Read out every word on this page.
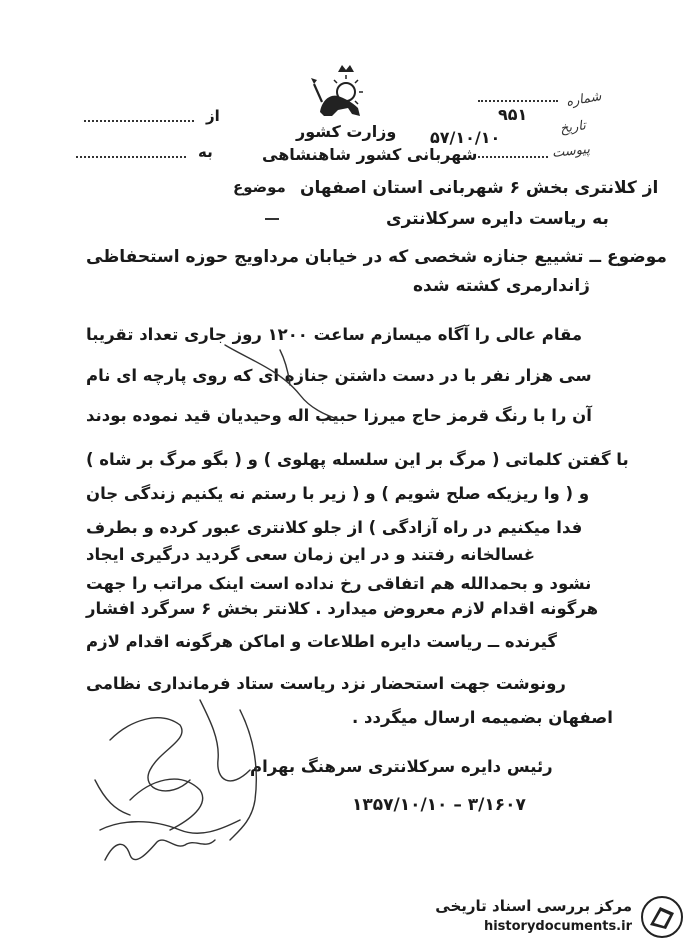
وزارت کشور
شهربانی کشور شاهنشاهی
از
به
موضوع
شماره
۹۵۱
تاریخ
۵۷/۱۰/۱۰
پیوست
از کلانتری بخش ۶ شهربانی استان اصفهان
به ریاست دایره سرکلانتری
موضوع ــ تشییع جنازه شخصی که در خیابان مرداویج حوزه استحفاظی
ژاندارمری کشته شده
مقام عالی را آگاه میسازم ساعت ۱۲۰۰ روز جاری تعداد تقریبا
سی هزار نفر با در دست داشتن جنازه ای که روی پارچه ای نام
آن را با رنگ قرمز حاج میرزا حبیب اله وحیدیان قید نموده بودند
با گفتن کلماتی ( مرگ بر این سلسله پهلوی ) و ( بگو مرگ بر شاه )
و ( وا ریزیکه صلح شویم ) و ( زیر با رستم نه یکنیم زندگی جان
فدا میکنیم در راه آزادگی ) از جلو کلانتری عبور کرده و بطرف
غسالخانه رفتند و در این زمان سعی گردید درگیری ایجاد
نشود و بحمدالله هم اتفاقی رخ نداده است اینک مراتب را جهت
هرگونه اقدام لازم معروض میدارد . کلانتر بخش ۶ سرگرد افشار
گیرنده ــ ریاست دایره اطلاعات و اماکن هرگونه اقدام لازم
رونوشت جهت استحضار نزد ریاست ستاد فرمانداری نظامی
اصفهان بضمیمه ارسال میگردد .
رئیس دایره سرکلانتری سرهنگ بهرام
۱۳۵۷/۱۰/۱۰ – ۳/۱۶۰۷
مرکز بررسی اسناد تاریخی
historydocuments.ir
